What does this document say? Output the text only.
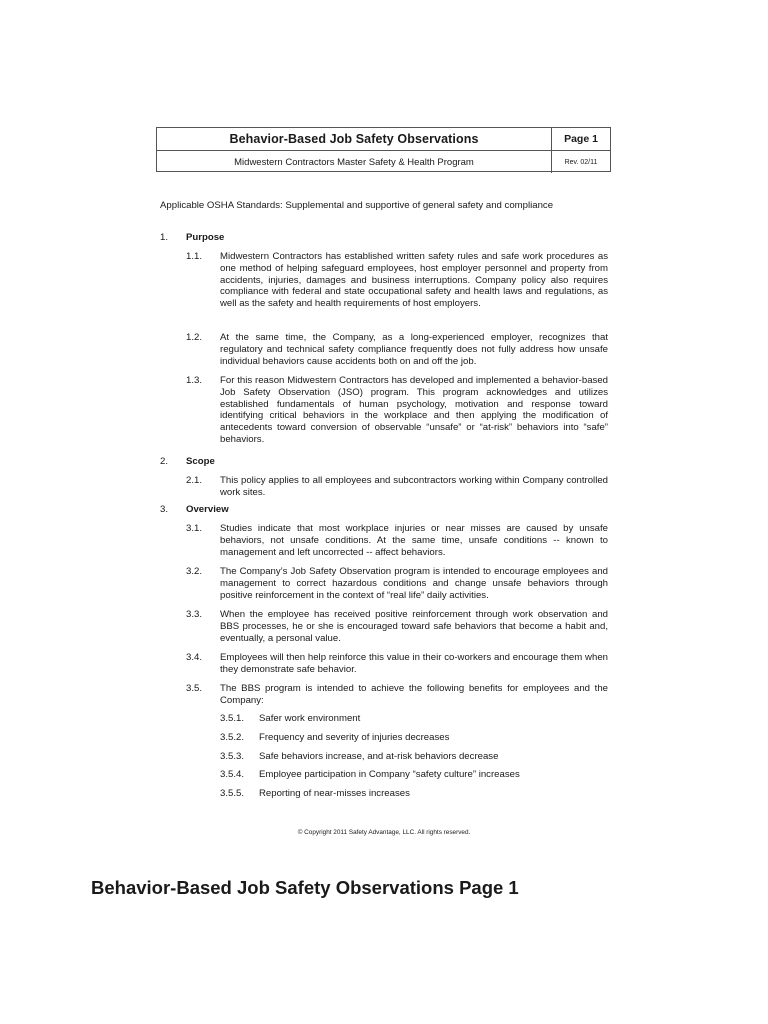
Behavior-Based Job Safety Observations	Page 1
Midwestern Contractors Master Safety & Health Program	Rev. 02/11
Applicable OSHA Standards: Supplemental and supportive of general safety and compliance
1. Purpose
1.1. Midwestern Contractors has established written safety rules and safe work procedures as one method of helping safeguard employees, host employer personnel and property from accidents, injuries, damages and business interruptions. Company policy also requires compliance with federal and state occupational safety and health laws and regulations, as well as the safety and health requirements of host employers.
1.2. At the same time, the Company, as a long-experienced employer, recognizes that regulatory and technical safety compliance frequently does not fully address how unsafe individual behaviors cause accidents both on and off the job.
1.3. For this reason Midwestern Contractors has developed and implemented a behavior-based Job Safety Observation (JSO) program. This program acknowledges and utilizes established fundamentals of human psychology, motivation and response toward identifying critical behaviors in the workplace and then applying the modification of antecedents toward conversion of observable “unsafe” or “at-risk” behaviors into “safe” behaviors.
2. Scope
2.1. This policy applies to all employees and subcontractors working within Company controlled work sites.
3. Overview
3.1. Studies indicate that most workplace injuries or near misses are caused by unsafe behaviors, not unsafe conditions. At the same time, unsafe conditions -- known to management and left uncorrected -- affect behaviors.
3.2. The Company’s Job Safety Observation program is intended to encourage employees and management to correct hazardous conditions and change unsafe behaviors through positive reinforcement in the context of “real life” daily activities.
3.3. When the employee has received positive reinforcement through work observation and BBS processes, he or she is encouraged toward safe behaviors that become a habit and, eventually, a personal value.
3.4. Employees will then help reinforce this value in their co-workers and encourage them when they demonstrate safe behavior.
3.5. The BBS program is intended to achieve the following benefits for employees and the Company:
3.5.1. Safer work environment
3.5.2. Frequency and severity of injuries decreases
3.5.3. Safe behaviors increase, and at-risk behaviors decrease
3.5.4. Employee participation in Company “safety culture” increases
3.5.5. Reporting of near-misses increases
© Copyright 2011 Safety Advantage, LLC. All rights reserved.
Behavior-Based Job Safety Observations Page 1
